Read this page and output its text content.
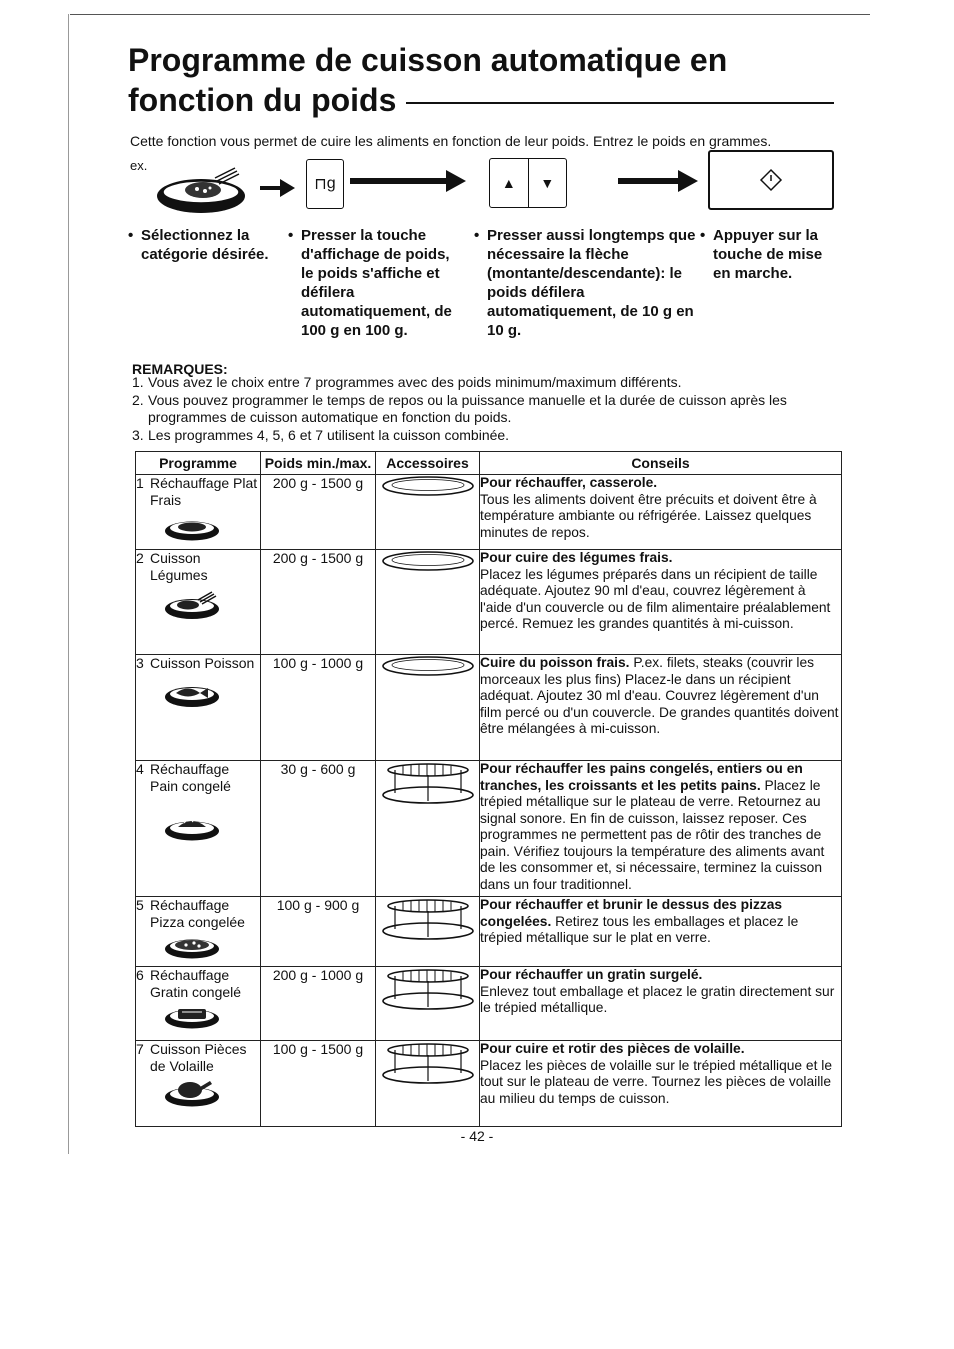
Programme de cuisson automatique en

fonction du poids
Cette fonction vous permet de cuire les aliments en fonction de leur poids. Entrez le poids en grammes.
ex.
⊓ g	▲	▼
• Sélectionnez la catégorie désirée.
• Presser la touche d'affichage de poids, le poids s'affiche et défilera automatiquement, de 100 g en 100 g.
• Presser aussi longtemps que nécessaire la flèche (montante/descendante): le poids défilera automatiquement, de 10 g en 10 g.
• Appuyer sur la touche de mise en marche.
REMARQUES:
1. Vous avez le choix entre 7 programmes avec des poids minimum/maximum différents.
2. Vous pouvez programmer le temps de repos ou la puissance manuelle et la durée de cuisson après les programmes de cuisson automatique en fonction du poids.
3. Les programmes 4, 5, 6 et 7 utilisent la cuisson combinée.
Programme	Poids min./max.	Accessoires	Conseils

1 Réchauffage Plat Frais	200 g - 1500 g		Pour réchauffer, casserole.
Tous les aliments doivent être précuits et doivent être à température ambiante ou réfrigérée. Laissez quelques minutes de repos.

2 Cuisson Légumes	200 g - 1500 g		Pour cuire des légumes frais.
Placez les légumes préparés dans un récipient de taille adéquate. Ajoutez 90 ml d'eau, couvrez légèrement à l'aide d'un couvercle ou de film alimentaire préalablement percé. Remuez les grandes quantités à mi-cuisson.

3 Cuisson Poisson	100 g - 1000 g		Cuire du poisson frais. P.ex. filets, steaks (couvrir les morceaux les plus fins) Placez-le dans un récipient adéquat. Ajoutez 30 ml d'eau. Couvrez légèrement d'un film percé ou d'un couvercle. De grandes quantités doivent être mélangées à mi-cuisson.

4 Réchauffage Pain congelé	30 g - 600 g		Pour réchauffer les pains congelés, entiers ou en tranches, les croissants et les petits pains. Placez le trépied métallique sur le plateau de verre. Retournez au signal sonore. En fin de cuisson, laissez reposer. Ces programmes ne permettent pas de rôtir des tranches de pain. Vérifiez toujours la température des aliments avant de les consommer et, si nécessaire, terminez la cuisson dans un four traditionnel.

5 Réchauffage Pizza congelée	100 g - 900 g		Pour réchauffer et brunir le dessus des pizzas congelées. Retirez tous les emballages et placez le trépied métallique sur le plat en verre.

6 Réchauffage Gratin congelé	200 g - 1000 g		Pour réchauffer un gratin surgelé.
Enlevez tout emballage et placez le gratin directement sur le trépied métallique.

7 Cuisson Pièces de Volaille	100 g - 1500 g		Pour cuire et rotir des pièces de volaille.
Placez les pièces de volaille sur le trépied métallique et le tout sur le plateau de verre. Tournez les pièces de volaille au milieu du temps de cuisson.
- 42 -
